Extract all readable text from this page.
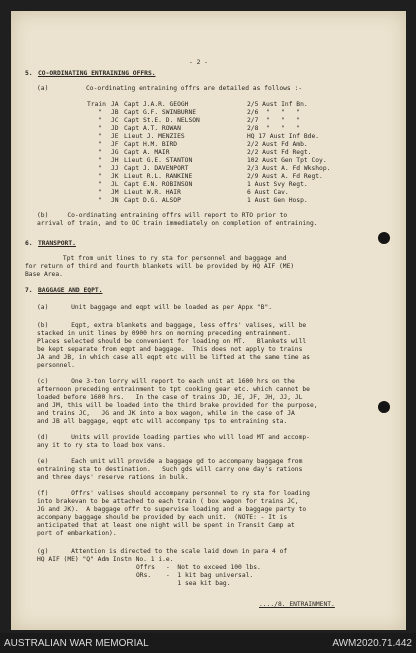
- 2 -
5. CO-ORDINATING ENTRAINING OFFRS.
(a)	Co-ordinating entraining offrs are detailed as follows :-
Train JA Capt J.A.R. GEOGH	2/5 Aust Inf Bn.
" JB Capt G.F. SWINBURNE	2/6  "   "   "
" JC Capt St.E. D. NELSON	2/7  "   "   "
" JD Capt A.T. ROWAN	2/8  "   "   "
" JE Lieut J. MENZIES	HQ 17 Aust Inf Bde.
" JF Capt H.M. BIRD	2/2 Aust Fd Amb.
" JG Capt A. MAIR	2/2 Aust Fd Regt.
" JH Lieut G.E. STANTON	102 Aust Gen Tpt Coy.
" JJ Capt J. DAVENPORT	2/3 Aust A. Fd Wkshop.
" JK Lieut R.L. RANKINE	2/9 Aust A. Fd Regt.
" JL Capt E.N. ROBINSON	1 Aust Svy Regt.
" JM Lieut W.R. HAIR	6 Aust Cav.
" JN Capt D.G. ALSOP	1 Aust Gen Hosp.
(b)     Co-ordinating entraining offrs will report to RTO prior to
arrival of train, and to OC train immediately on completion of entraining.
6. TRANSPORT.
Tpt from unit lines to ry sta for personnel and baggage and
for return of third and fourth blankets will be provided by HQ AIF (ME)
Base Area.
7. BAGGAGE AND EQPT.
(a)      Unit baggage and eqpt will be loaded as per Appx "B".
(b)      Eqpt, extra blankets and baggage, less offrs' valises, will be
stacked in unit lines by 0900 hrs on morning preceding entrainment.
Places selected should be convenient for loading on MT.   Blankets will
be kept separate from eqpt and baggage.  This does not apply to trains
JA and JB, in which case all eqpt etc will be lifted at the same time as
personnel.
(c)      One 3-ton lorry will report to each unit at 1600 hrs on the
afternoon preceding entrainment to tpt cooking gear etc. which cannot be
loaded before 1600 hrs.   In the case of trains JD, JE, JF, JH, JJ, JL
and JM, this will be loaded into the third brake provided for the purpose,
and trains JC,   JG and JK into a box wagon, while in the case of JA
and JB all baggage, eqpt etc will accompany tps to entraining sta.
(d)      Units will provide loading parties who will load MT and accomp-
any it to ry sta to load box vans.
(e)      Each unit will provide a baggage gd to accompany baggage from
entraining sta to destination.   Such gds will carry one day's rations
and three days' reserve rations in bulk.
(f)      Offrs' valises should accompany personnel to ry sta for loading
into brakevan to be attached to each train ( box wagon for trains JC,
JG and JK).  A baggage offr to supervise loading and a baggage party to
accompany baggage should be provided by each unit.  (NOTE: - It is
anticipated that at least one night will be spent in Transit Camp at
port of embarkation).
(g)      Attention is directed to the scale laid down in para 4 of
HQ AIF (ME) "Q" Adm Instn No. 1 i.e.
Offrs -  Not to exceed 100 lbs.
ORs. -  1 kit bag universal.
1 sea kit bag.
..../8. ENTRAINMENT.
AUSTRALIAN WAR MEMORIAL	AWM2020.71.442
